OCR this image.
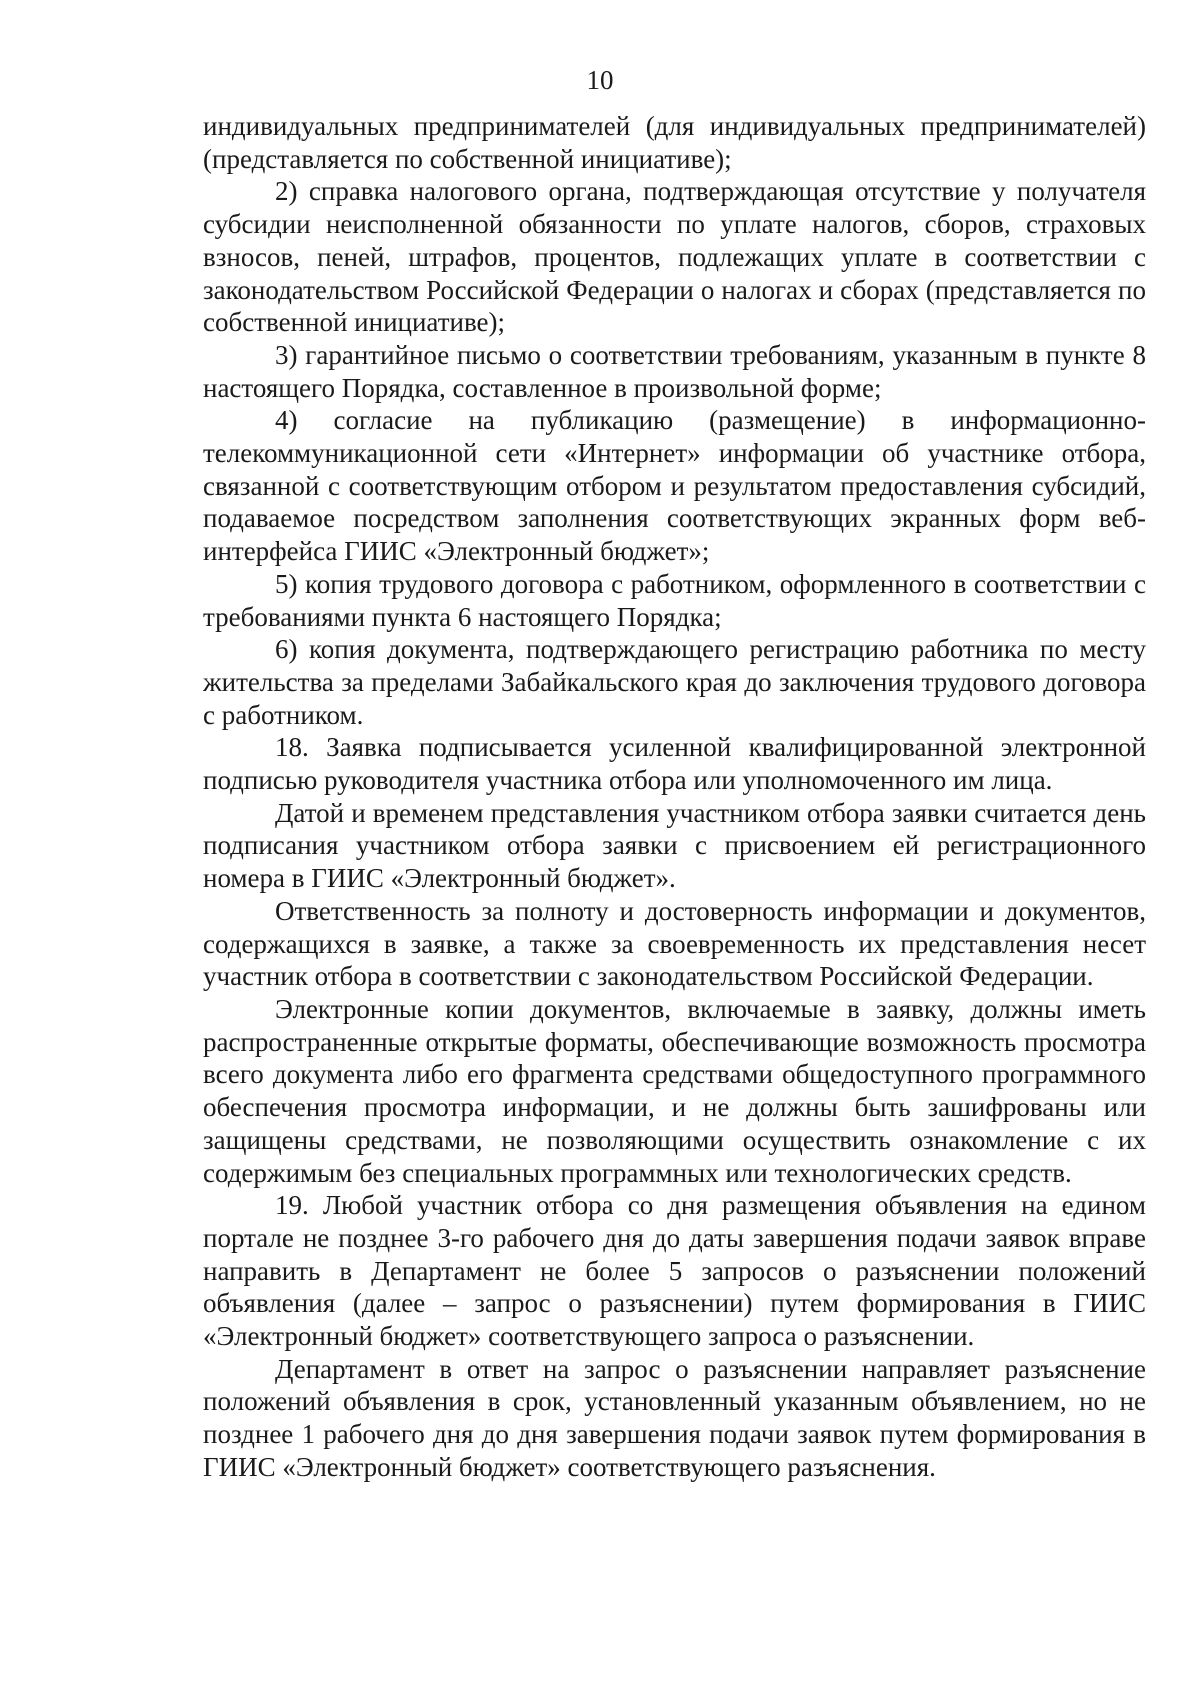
10

индивидуальных предпринимателей (для индивидуальных предпринимателей) (представляется по собственной инициативе);

2) справка налогового органа, подтверждающая отсутствие у получателя субсидии неисполненной обязанности по уплате налогов, сборов, страховых взносов, пеней, штрафов, процентов, подлежащих уплате в соответствии с законодательством Российской Федерации о налогах и сборах (представляется по собственной инициативе);

3) гарантийное письмо о соответствии требованиям, указанным в пункте 8 настоящего Порядка, составленное в произвольной форме;

4) согласие на публикацию (размещение) в информационно-телекоммуникационной сети «Интернет» информации об участнике отбора, связанной с соответствующим отбором и результатом предоставления субсидий, подаваемое посредством заполнения соответствующих экранных форм веб-интерфейса ГИИС «Электронный бюджет»;

5) копия трудового договора с работником, оформленного в соответствии с требованиями пункта 6 настоящего Порядка;

6) копия документа, подтверждающего регистрацию работника по месту жительства за пределами Забайкальского края до заключения трудового договора с работником.

18. Заявка подписывается усиленной квалифицированной электронной подписью руководителя участника отбора или уполномоченного им лица.

Датой и временем представления участником отбора заявки считается день подписания участником отбора заявки с присвоением ей регистрационного номера в ГИИС «Электронный бюджет».

Ответственность за полноту и достоверность информации и документов, содержащихся в заявке, а также за своевременность их представления несет участник отбора в соответствии с законодательством Российской Федерации.

Электронные копии документов, включаемые в заявку, должны иметь распространенные открытые форматы, обеспечивающие возможность просмотра всего документа либо его фрагмента средствами общедоступного программного обеспечения просмотра информации, и не должны быть зашифрованы или защищены средствами, не позволяющими осуществить ознакомление с их содержимым без специальных программных или технологических средств.

19. Любой участник отбора со дня размещения объявления на едином портале не позднее 3-го рабочего дня до даты завершения подачи заявок вправе направить в Департамент не более 5 запросов о разъяснении положений объявления (далее – запрос о разъяснении) путем формирования в ГИИС «Электронный бюджет» соответствующего запроса о разъяснении.

Департамент в ответ на запрос о разъяснении направляет разъяснение положений объявления в срок, установленный указанным объявлением, но не позднее 1 рабочего дня до дня завершения подачи заявок путем формирования в ГИИС «Электронный бюджет» соответствующего разъяснения.
